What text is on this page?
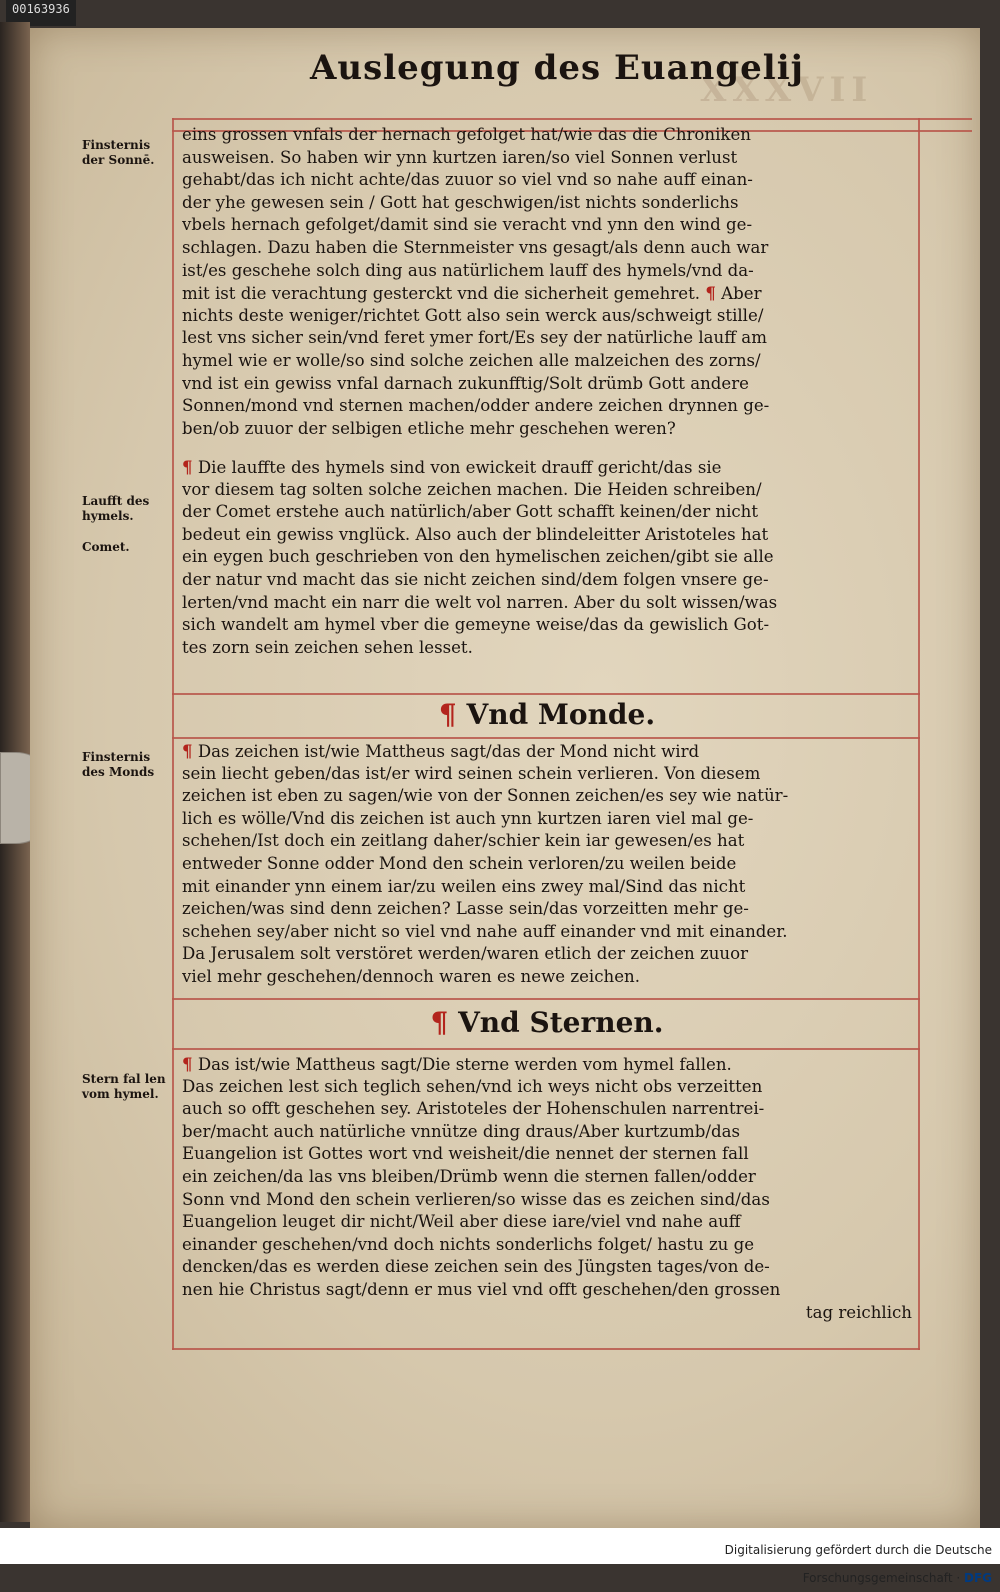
00163936
XXXVII
Auslegung des Euangelij
Finsternis der Sonnē.
Laufft des hymels.
Comet.
Finsternis des Monds
Stern fal len vom hymel.
eins grossen vnfals der hernach gefolget hat/wie das die Chroniken
ausweisen. So haben wir ynn kurtzen iaren/so viel Sonnen verlust
gehabt/das ich nicht achte/das zuuor so viel vnd so nahe auff einan-
der yhe gewesen sein / Gott hat geschwigen/ist nichts sonderlichs
vbels hernach gefolget/damit sind sie veracht vnd ynn den wind ge-
schlagen. Dazu haben die Sternmeister vns gesagt/als denn auch war
ist/es geschehe solch ding aus natürlichem lauff des hymels/vnd da-
mit ist die verachtung gesterckt vnd die sicherheit gemehret. ¶ Aber
nichts deste weniger/richtet Gott also sein werck aus/schweigt stille/
lest vns sicher sein/vnd feret ymer fort/Es sey der natürliche lauff am
hymel wie er wolle/so sind solche zeichen alle malzeichen des zorns/
vnd ist ein gewiss vnfal darnach zukunfftig/Solt drümb Gott andere
Sonnen/mond vnd sternen machen/odder andere zeichen drynnen ge-
ben/ob zuuor der selbigen etliche mehr geschehen weren?
¶ Die lauffte des hymels sind von ewickeit drauff gericht/das sie
vor diesem tag solten solche zeichen machen. Die Heiden schreiben/
der Comet erstehe auch natürlich/aber Gott schafft keinen/der nicht
bedeut ein gewiss vnglück. Also auch der blindeleitter Aristoteles hat
ein eygen buch geschrieben von den hymelischen zeichen/gibt sie alle
der natur vnd macht das sie nicht zeichen sind/dem folgen vnsere ge-
lerten/vnd macht ein narr die welt vol narren. Aber du solt wissen/was
sich wandelt am hymel vber die gemeyne weise/das da gewislich Got-
tes zorn sein zeichen sehen lesset.
¶ Vnd Monde.
¶ Das zeichen ist/wie Mattheus sagt/das der Mond nicht wird
sein liecht geben/das ist/er wird seinen schein verlieren. Von diesem
zeichen ist eben zu sagen/wie von der Sonnen zeichen/es sey wie natür-
lich es wölle/Vnd dis zeichen ist auch ynn kurtzen iaren viel mal ge-
schehen/Ist doch ein zeitlang daher/schier kein iar gewesen/es hat
entweder Sonne odder Mond den schein verloren/zu weilen beide
mit einander ynn einem iar/zu weilen eins zwey mal/Sind das nicht
zeichen/was sind denn zeichen? Lasse sein/das vorzeitten mehr ge-
schehen sey/aber nicht so viel vnd nahe auff einander vnd mit einander.
Da Jerusalem solt verstöret werden/waren etlich der zeichen zuuor
viel mehr geschehen/dennoch waren es newe zeichen.
¶ Vnd Sternen.
¶ Das ist/wie Mattheus sagt/Die sterne werden vom hymel fallen.
Das zeichen lest sich teglich sehen/vnd ich weys nicht obs verzeitten
auch so offt geschehen sey. Aristoteles der Hohenschulen narrentrei-
ber/macht auch natürliche vnnütze ding draus/Aber kurtzumb/das
Euangelion ist Gottes wort vnd weisheit/die nennet der sternen fall
ein zeichen/da las vns bleiben/Drümb wenn die sternen fallen/odder
Sonn vnd Mond den schein verlieren/so wisse das es zeichen sind/das
Euangelion leuget dir nicht/Weil aber diese iare/viel vnd nahe auff
einander geschehen/vnd doch nichts sonderlichs folget/ hastu zu ge
dencken/das es werden diese zeichen sein des Jüngsten tages/von de-
nen hie Christus sagt/denn er mus viel vnd offt geschehen/den grossen
tag reichlich
Digitalisierung gefördert durch die Deutsche Forschungsgemeinschaft · DFG
